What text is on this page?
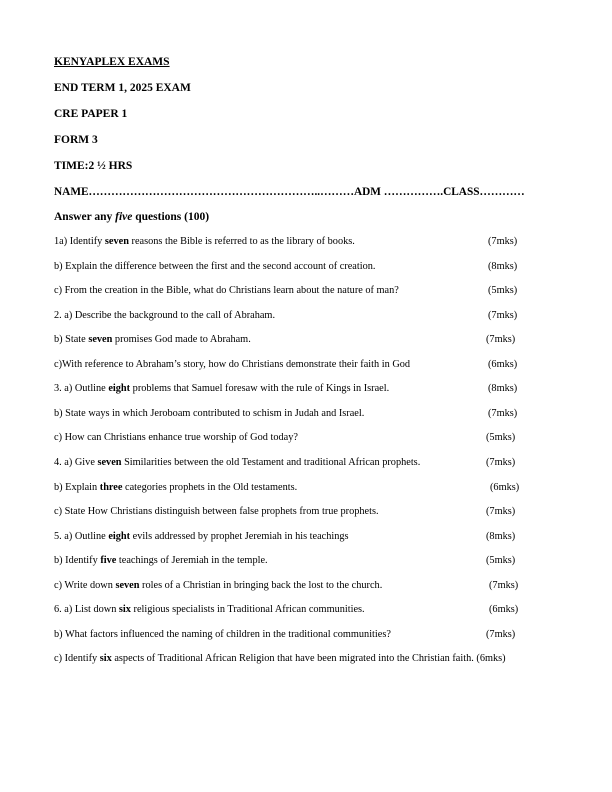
KENYAPLEX EXAMS
END TERM 1, 2025 EXAM
CRE PAPER 1
FORM 3
TIME:2 ½ HRS
NAME……………………………………………………..………ADM …………….CLASS…………
Answer any five questions (100)
1a) Identify seven reasons the Bible is referred to as the library of books.	(7mks)
b) Explain the difference between the first and the second account of creation.	(8mks)
c) From the creation in the Bible, what do Christians learn about the nature of man?	(5mks)
2. a) Describe the background to the call of Abraham.	(7mks)
b) State seven promises God made to Abraham.	(7mks)
c)With reference to Abraham’s story, how do Christians demonstrate their faith in God	(6mks)
3. a) Outline eight problems that Samuel foresaw with the rule of Kings in Israel.	(8mks)
b) State ways in which Jeroboam contributed to schism in Judah and Israel.	(7mks)
c) How can Christians enhance true worship of God today?	(5mks)
4. a) Give seven Similarities between the old Testament and traditional African prophets.	(7mks)
b) Explain three categories prophets in the Old testaments.	(6mks)
c) State How Christians distinguish between false prophets from true prophets.	(7mks)
5. a) Outline eight evils addressed by prophet Jeremiah in his teachings	(8mks)
b) Identify five teachings of Jeremiah in the temple.	(5mks)
c) Write down seven roles of a Christian in bringing back the lost to the church.	(7mks)
6. a) List down six religious specialists in Traditional African communities.	(6mks)
b) What factors influenced the naming of children in the traditional communities?	(7mks)
c) Identify six aspects of Traditional African Religion that have been migrated into the Christian faith. (6mks)
